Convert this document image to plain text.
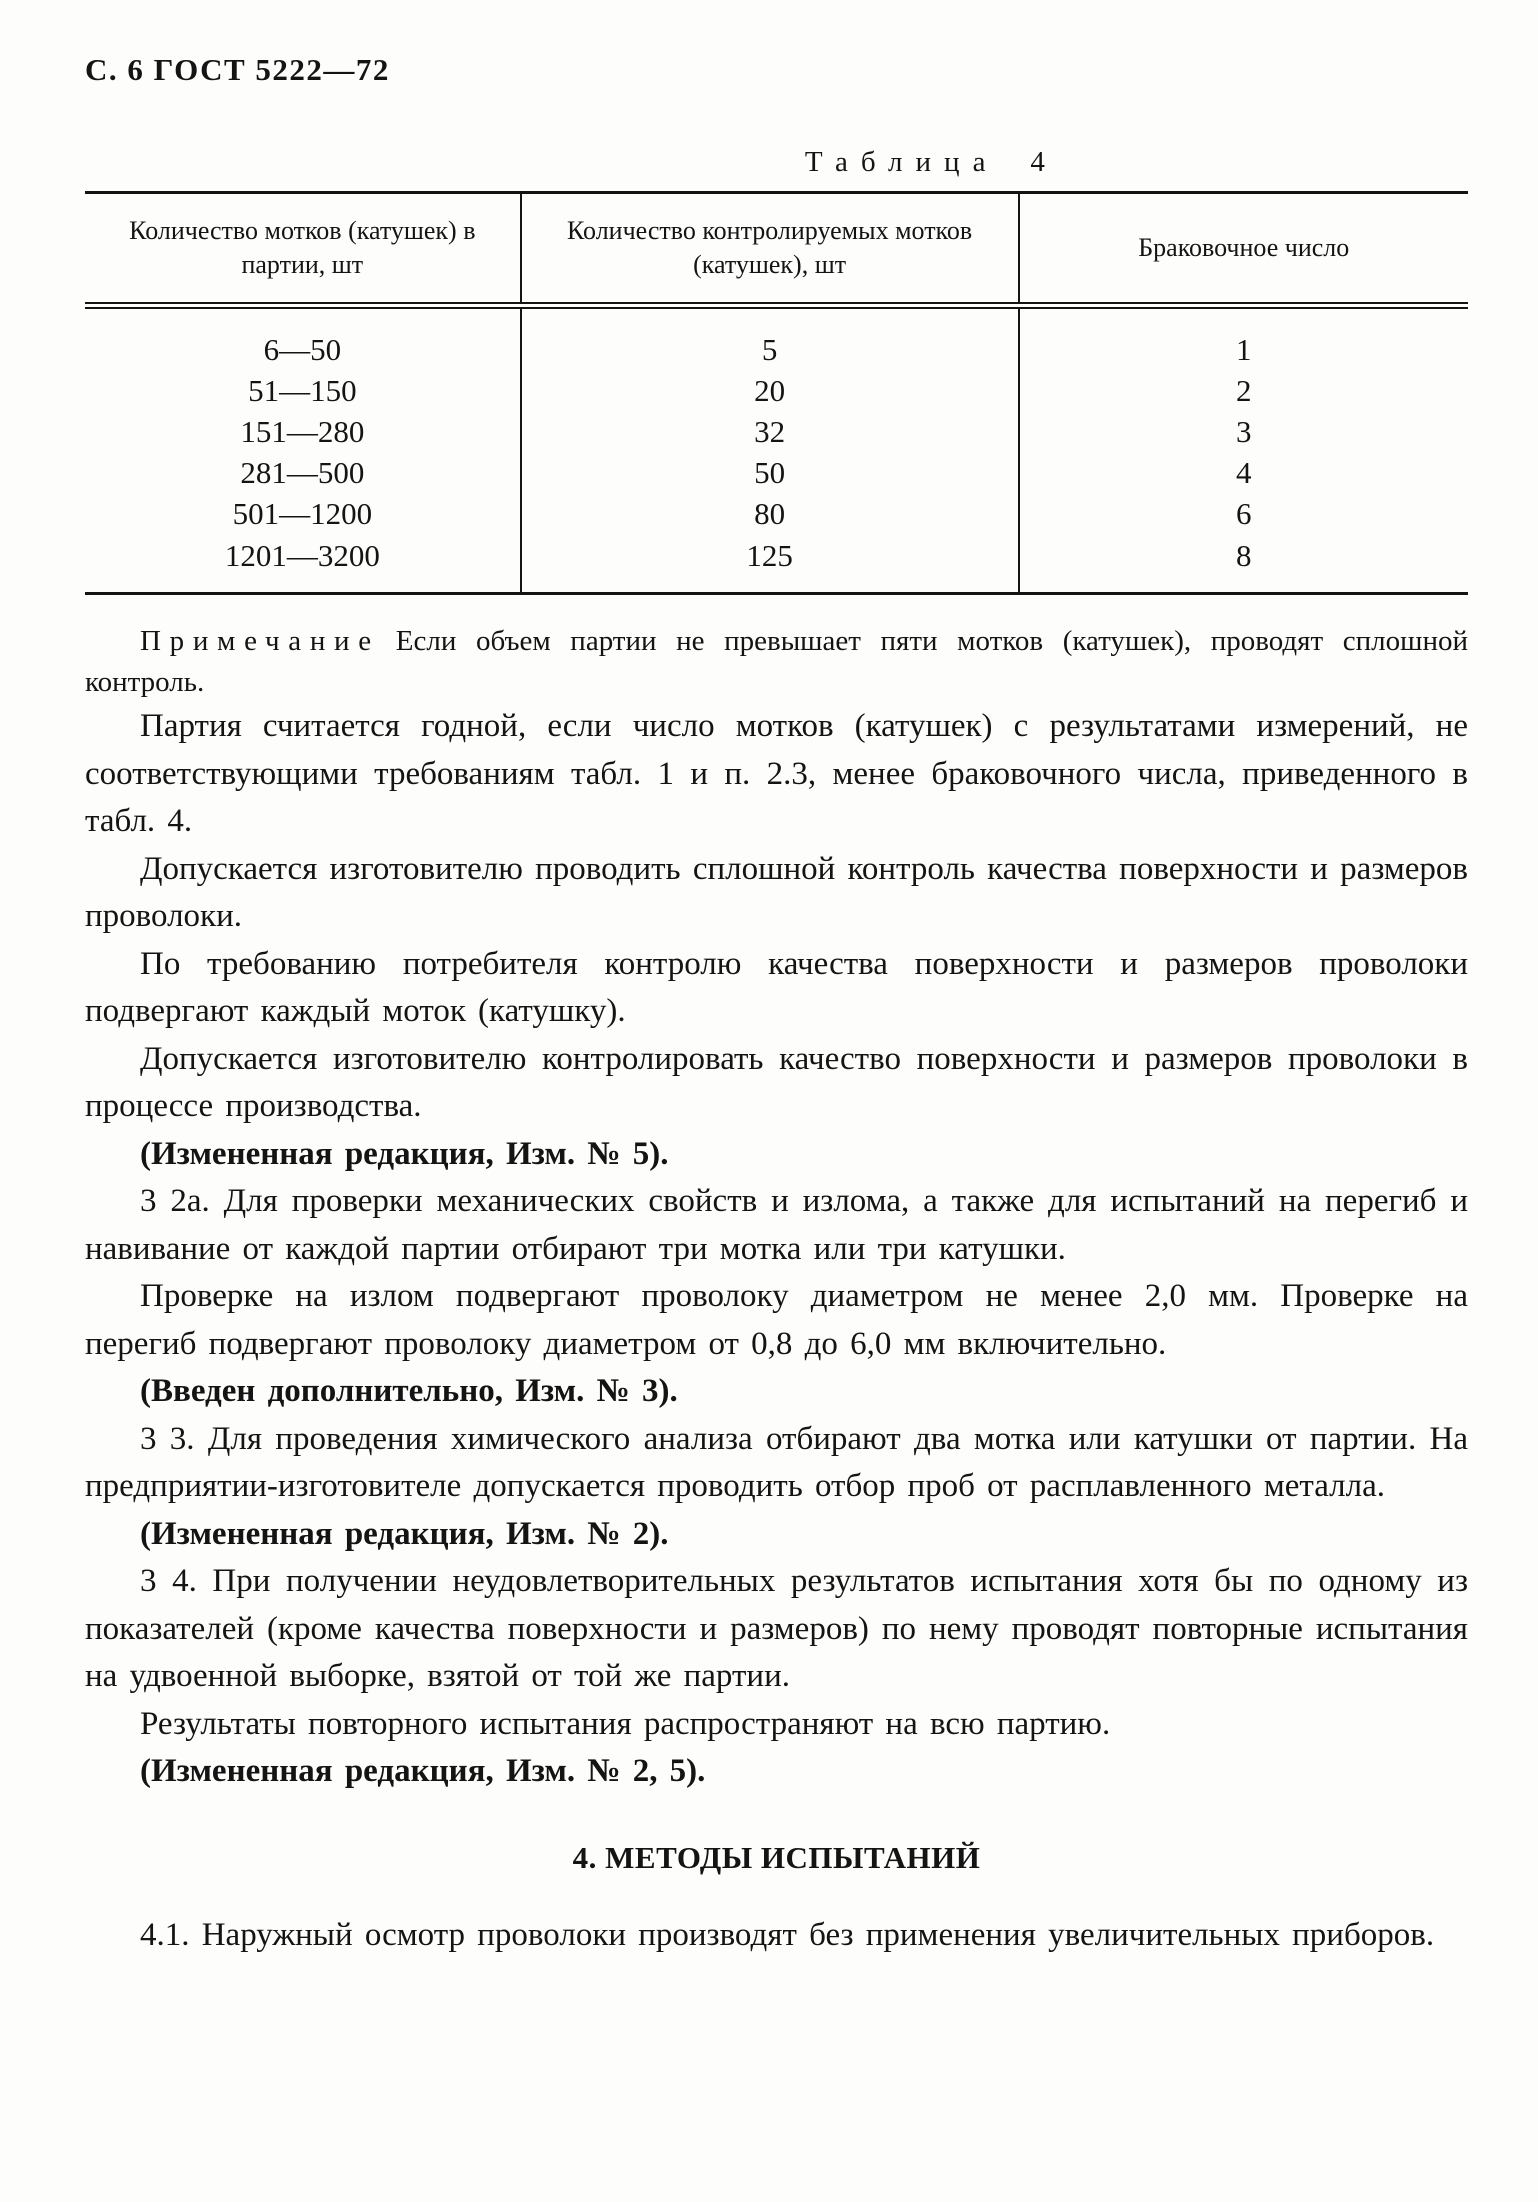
С. 6 ГОСТ 5222—72
Таблица 4
Количество мотков (катушек) в партии, шт	Количество контролируемых мотков (катушек), шт	Браковочное число
6—50	5	1
51—150	20	2
151—280	32	3
281—500	50	4
501—1200	80	6
1201—3200	125	8

Примечание Если объем партии не превышает пяти мотков (катушек), проводят сплошной контроль.

Партия считается годной, если число мотков (катушек) с результатами измерений, не соответствующими требованиям табл. 1 и п. 2.3, менее браковочного числа, приведенного в табл. 4.

Допускается изготовителю проводить сплошной контроль качества поверхности и размеров проволоки.

По требованию потребителя контролю качества поверхности и размеров проволоки подвергают каждый моток (катушку).

Допускается изготовителю контролировать качество поверхности и размеров проволоки в процессе производства.

(Измененная редакция, Изм. № 5).

3 2а. Для проверки механических свойств и излома, а также для испытаний на перегиб и навивание от каждой партии отбирают три мотка или три катушки.

Проверке на излом подвергают проволоку диаметром не менее 2,0 мм. Проверке на перегиб подвергают проволоку диаметром от 0,8 до 6,0 мм включительно.

(Введен дополнительно, Изм. № 3).

3 3. Для проведения химического анализа отбирают два мотка или катушки от партии. На предприятии-изготовителе допускается проводить отбор проб от расплавленного металла.

(Измененная редакция, Изм. № 2).

3 4. При получении неудовлетворительных результатов испытания хотя бы по одному из показателей (кроме качества поверхности и размеров) по нему проводят повторные испытания на удвоенной выборке, взятой от той же партии.

Результаты повторного испытания распространяют на всю партию.

(Измененная редакция, Изм. № 2, 5).

4. МЕТОДЫ ИСПЫТАНИЙ

4.1. Наружный осмотр проволоки производят без применения увеличительных приборов.
